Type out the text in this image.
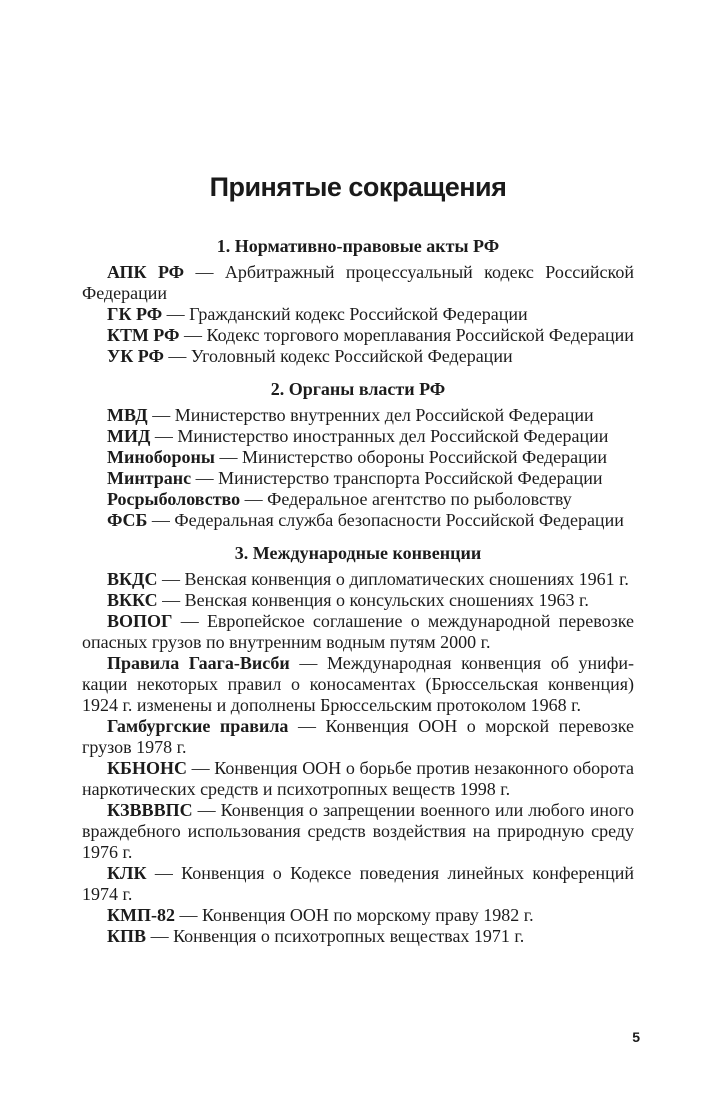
Принятые сокращения
1. Нормативно-правовые акты РФ

АПК РФ — Арбитражный процессуальный кодекс Российской Федерации

ГК РФ — Гражданский кодекс Российской Федерации

КТМ РФ — Кодекс торгового мореплавания Российской Федерации

УК РФ — Уголовный кодекс Российской Федерации

2. Органы власти РФ

МВД — Министерство внутренних дел Российской Федерации

МИД — Министерство иностранных дел Российской Федерации

Минобороны — Министерство обороны Российской Федерации

Минтранс — Министерство транспорта Российской Федерации

Росрыболовство — Федеральное агентство по рыболовству

ФСБ — Федеральная служба безопасности Российской Федерации

3. Международные конвенции

ВКДС — Венская конвенция о дипломатических сношениях 1961 г.

ВККС — Венская конвенция о консульских сношениях 1963 г.

ВОПОГ — Европейское соглашение о международной перевозке опасных грузов по внутренним водным путям 2000 г.

Правила Гаага-Висби — Международная конвенция об унификации некоторых правил о коносаментах (Брюссельская конвенция) 1924 г. изменены и дополнены Брюссельским протоколом 1968 г.

Гамбургские правила — Конвенция ООН о морской перевозке грузов 1978 г.

КБНОНС — Конвенция ООН о борьбе против незаконного оборота наркотических средств и психотропных веществ 1998 г.

КЗВВВПС — Конвенция о запрещении военного или любого иного враждебного использования средств воздействия на природную среду 1976 г.

КЛК — Конвенция о Кодексе поведения линейных конференций 1974 г.

КМП-82 — Конвенция ООН по морскому праву 1982 г.

КПВ — Конвенция о психотропных веществах 1971 г.

5
